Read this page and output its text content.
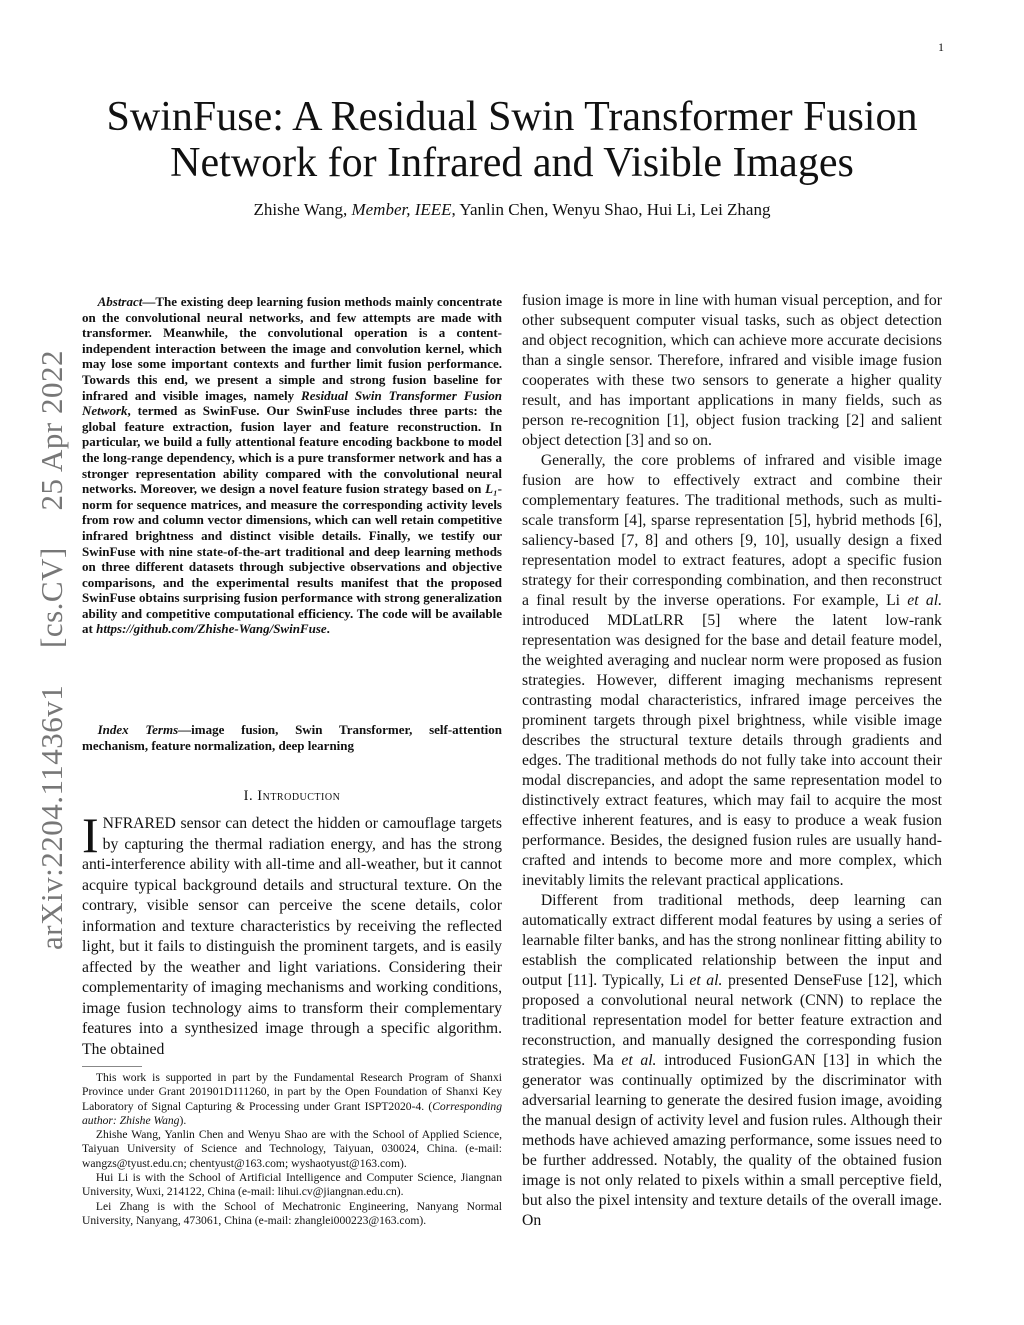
1
arXiv:2204.11436v1
[cs.CV]
25 Apr 2022
SwinFuse: A Residual Swin Transformer Fusion Network for Infrared and Visible Images
Zhishe Wang, Member, IEEE, Yanlin Chen, Wenyu Shao, Hui Li, Lei Zhang

Abstract—The existing deep learning fusion methods mainly concentrate on the convolutional neural networks, and few attempts are made with transformer. Meanwhile, the convolutional operation is a content-independent interaction between the image and convolution kernel, which may lose some important contexts and further limit fusion performance. Towards this end, we present a simple and strong fusion baseline for infrared and visible images, namely Residual Swin Transformer Fusion Network, termed as SwinFuse. Our SwinFuse includes three parts: the global feature extraction, fusion layer and feature reconstruction. In particular, we build a fully attentional feature encoding backbone to model the long-range dependency, which is a pure transformer network and has a stronger representation ability compared with the convolutional neural networks. Moreover, we design a novel feature fusion strategy based on L₁-norm for sequence matrices, and measure the corresponding activity levels from row and column vector dimensions, which can well retain competitive infrared brightness and distinct visible details. Finally, we testify our SwinFuse with nine state-of-the-art traditional and deep learning methods on three different datasets through subjective observations and objective comparisons, and the experimental results manifest that the proposed SwinFuse obtains surprising fusion performance with strong generalization ability and competitive computational efficiency. The code will be available at https://github.com/Zhishe-Wang/SwinFuse.

Index Terms—image fusion, Swin Transformer, self-attention mechanism, feature normalization, deep learning

I. Introduction

INFRARED sensor can detect the hidden or camouflage targets by capturing the thermal radiation energy, and has the strong anti-interference ability with all-time and all-weather, but it cannot acquire typical background details and structural texture. On the contrary, visible sensor can perceive the scene details, color information and texture characteristics by receiving the reflected light, but it fails to distinguish the prominent targets, and is easily affected by the weather and light variations. Considering their complementarity of imaging mechanisms and working conditions, image fusion technology aims to transform their complementary features into a synthesized image through a specific algorithm. The obtained

This work is supported in part by the Fundamental Research Program of Shanxi Province under Grant 201901D111260, in part by the Open Foundation of Shanxi Key Laboratory of Signal Capturing & Processing under Grant ISPT2020-4. (Corresponding author: Zhishe Wang).

Zhishe Wang, Yanlin Chen and Wenyu Shao are with the School of Applied Science, Taiyuan University of Science and Technology, Taiyuan, 030024, China. (e-mail: wangzs@tyust.edu.cn; chentyust@163.com; wyshaotyust@163.com).

Hui Li is with the School of Artificial Intelligence and Computer Science, Jiangnan University, Wuxi, 214122, China (e-mail: lihui.cv@jiangnan.edu.cn).

Lei Zhang is with the School of Mechatronic Engineering, Nanyang Normal University, Nanyang, 473061, China (e-mail: zhanglei000223@163.com).

fusion image is more in line with human visual perception, and for other subsequent computer visual tasks, such as object detection and object recognition, which can achieve more accurate decisions than a single sensor. Therefore, infrared and visible image fusion cooperates with these two sensors to generate a higher quality result, and has important applications in many fields, such as person re-recognition [1], object fusion tracking [2] and salient object detection [3] and so on.

Generally, the core problems of infrared and visible image fusion are how to effectively extract and combine their complementary features. The traditional methods, such as multi-scale transform [4], sparse representation [5], hybrid methods [6], saliency-based [7, 8] and others [9, 10], usually design a fixed representation model to extract features, adopt a specific fusion strategy for their corresponding combination, and then reconstruct a final result by the inverse operations. For example, Li et al. introduced MDLatLRR [5] where the latent low-rank representation was designed for the base and detail feature model, the weighted averaging and nuclear norm were proposed as fusion strategies. However, different imaging mechanisms represent contrasting modal characteristics, infrared image perceives the prominent targets through pixel brightness, while visible image describes the structural texture details through gradients and edges. The traditional methods do not fully take into account their modal discrepancies, and adopt the same representation model to distinctively extract features, which may fail to acquire the most effective inherent features, and is easy to produce a weak fusion performance. Besides, the designed fusion rules are usually hand-crafted and intends to become more and more complex, which inevitably limits the relevant practical applications.

Different from traditional methods, deep learning can automatically extract different modal features by using a series of learnable filter banks, and has the strong nonlinear fitting ability to establish the complicated relationship between the input and output [11]. Typically, Li et al. presented DenseFuse [12], which proposed a convolutional neural network (CNN) to replace the traditional representation model for better feature extraction and reconstruction, and manually designed the corresponding fusion strategies. Ma et al. introduced FusionGAN [13] in which the generator was continually optimized by the discriminator with adversarial learning to generate the desired fusion image, avoiding the manual design of activity level and fusion rules. Although their methods have achieved amazing performance, some issues need to be further addressed. Notably, the quality of the obtained fusion image is not only related to pixels within a small perceptive field, but also the pixel intensity and texture details of the overall image. On
